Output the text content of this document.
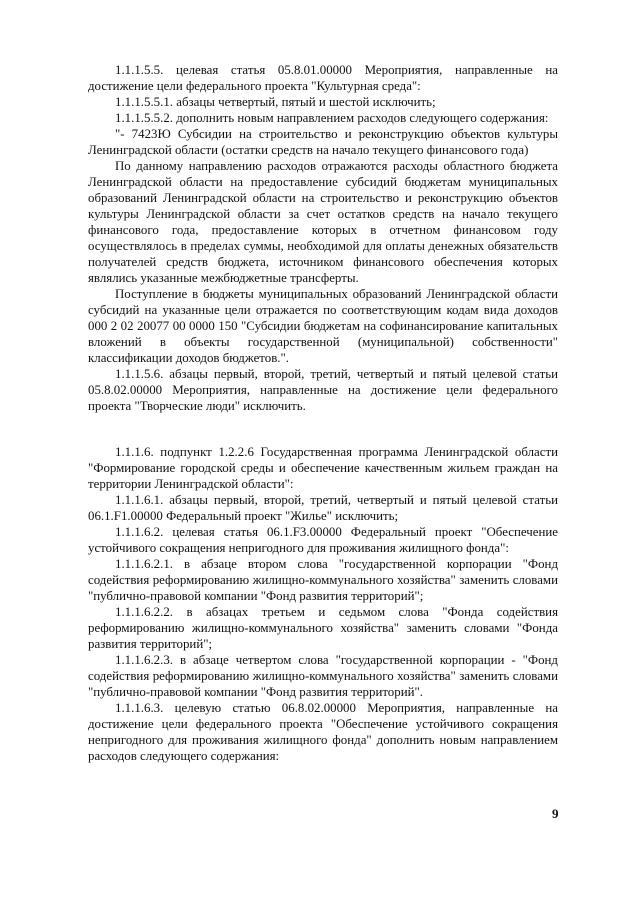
1.1.1.5.5. целевая статья 05.8.01.00000 Мероприятия, направленные на достижение цели федерального проекта "Культурная среда":

1.1.1.5.5.1. абзацы четвертый, пятый и шестой исключить;

1.1.1.5.5.2. дополнить новым направлением расходов следующего содержания:

"- 7423Ю Субсидии на строительство и реконструкцию объектов культуры Ленинградской области (остатки средств на начало текущего финансового года)

По данному направлению расходов отражаются расходы областного бюджета Ленинградской области на предоставление субсидий бюджетам муниципальных образований Ленинградской области на строительство и реконструкцию объектов культуры Ленинградской области за счет остатков средств на начало текущего финансового года, предоставление которых в отчетном финансовом году осуществлялось в пределах суммы, необходимой для оплаты денежных обязательств получателей средств бюджета, источником финансового обеспечения которых являлись указанные межбюджетные трансферты.

Поступление в бюджеты муниципальных образований Ленинградской области субсидий на указанные цели отражается по соответствующим кодам вида доходов 000 2 02 20077 00 0000 150 "Субсидии бюджетам на софинансирование капитальных вложений в объекты государственной (муниципальной) собственности" классификации доходов бюджетов.".

1.1.1.5.6. абзацы первый, второй, третий, четвертый и пятый целевой статьи 05.8.02.00000 Мероприятия, направленные на достижение цели федерального проекта "Творческие люди" исключить.

1.1.1.6. подпункт 1.2.2.6 Государственная программа Ленинградской области "Формирование городской среды и обеспечение качественным жильем граждан на территории Ленинградской области":

1.1.1.6.1. абзацы первый, второй, третий, четвертый и пятый целевой статьи 06.1.F1.00000 Федеральный проект "Жилье" исключить;

1.1.1.6.2. целевая статья 06.1.F3.00000 Федеральный проект "Обеспечение устойчивого сокращения непригодного для проживания жилищного фонда":

1.1.1.6.2.1. в абзаце втором слова "государственной корпорации "Фонд содействия реформированию жилищно-коммунального хозяйства" заменить словами "публично-правовой компании "Фонд развития территорий";

1.1.1.6.2.2. в абзацах третьем и седьмом слова "Фонда содействия реформированию жилищно-коммунального хозяйства" заменить словами "Фонда развития территорий";

1.1.1.6.2.3. в абзаце четвертом слова "государственной корпорации - "Фонд содействия реформированию жилищно-коммунального хозяйства" заменить словами "публично-правовой компании "Фонд развития территорий".

1.1.1.6.3. целевую статью 06.8.02.00000 Мероприятия, направленные на достижение цели федерального проекта "Обеспечение устойчивого сокращения непригодного для проживания жилищного фонда" дополнить новым направлением расходов следующего содержания:

9
